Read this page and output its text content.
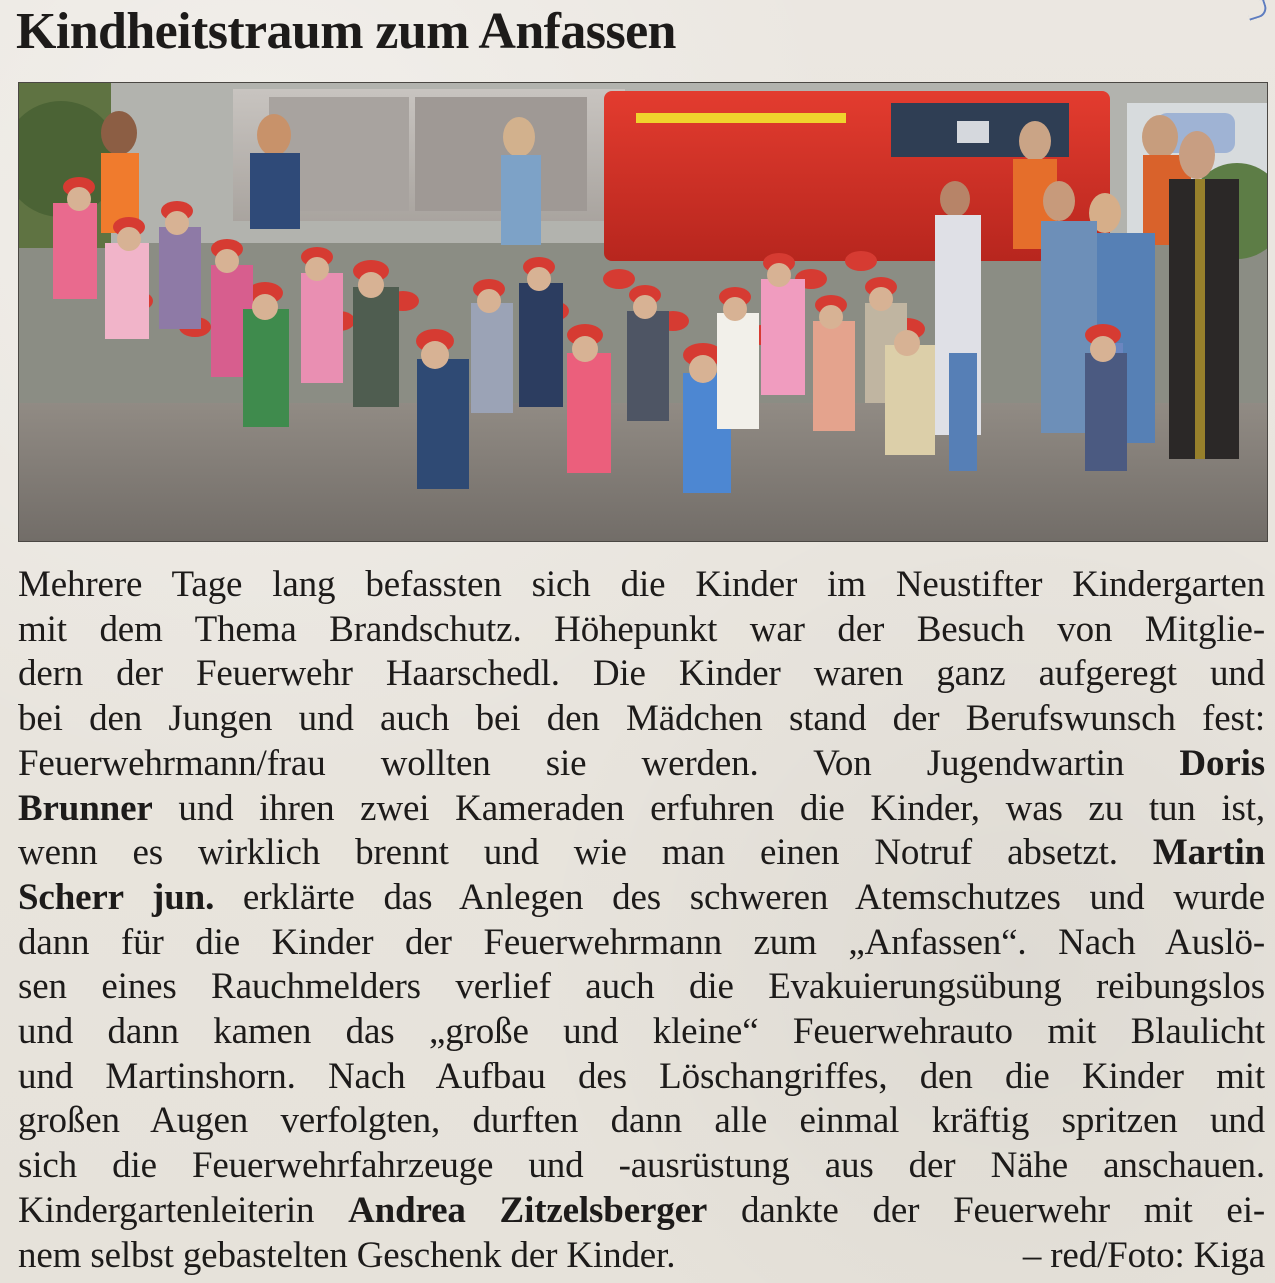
Kindheitstraum zum Anfassen
Mehrere Tage lang befassten sich die Kinder im Neustifter Kindergarten
mit dem Thema Brandschutz. Höhepunkt war der Besuch von Mitglie-
dern der Feuerwehr Haarschedl. Die Kinder waren ganz aufgeregt und
bei den Jungen und auch bei den Mädchen stand der Berufswunsch fest:
Feuerwehrmann/frau wollten sie werden. Von Jugendwartin Doris
Brunner und ihren zwei Kameraden erfuhren die Kinder, was zu tun ist,
wenn es wirklich brennt und wie man einen Notruf absetzt. Martin
Scherr jun. erklärte das Anlegen des schweren Atemschutzes und wurde
dann für die Kinder der Feuerwehrmann zum „Anfassen“. Nach Auslö-
sen eines Rauchmelders verlief auch die Evakuierungsübung reibungslos
und dann kamen das „große und kleine“ Feuerwehrauto mit Blaulicht
und Martinshorn. Nach Aufbau des Löschangriffes, den die Kinder mit
großen Augen verfolgten, durften dann alle einmal kräftig spritzen und
sich die Feuerwehrfahrzeuge und -ausrüstung aus der Nähe anschauen.
Kindergartenleiterin Andrea Zitzelsberger dankte der Feuerwehr mit ei-
nem selbst gebastelten Geschenk der Kinder.	– red/Foto: Kiga
